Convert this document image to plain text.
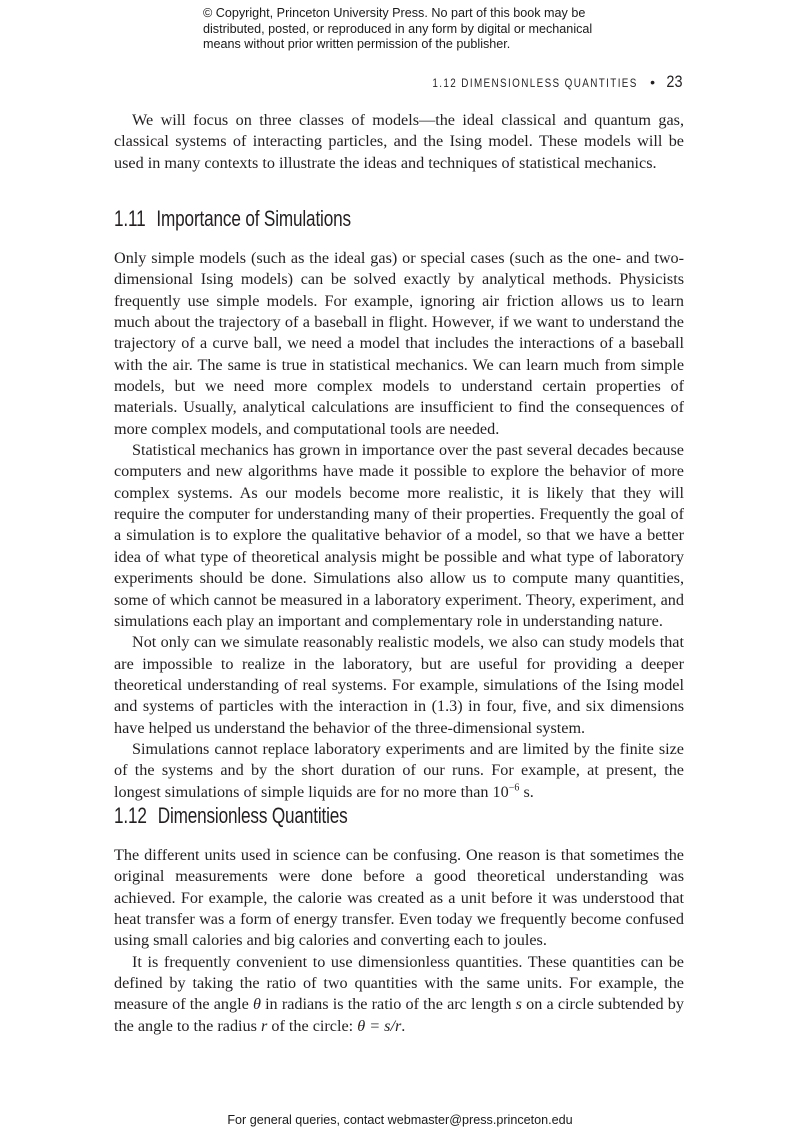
© Copyright, Princeton University Press. No part of this book may be
distributed, posted, or reproduced in any form by digital or mechanical
means without prior written permission of the publisher.
1.12 DIMENSIONLESS QUANTITIES • 23

We will focus on three classes of models—the ideal classical and quantum gas, classical systems of interacting particles, and the Ising model. These models will be used in many contexts to illustrate the ideas and techniques of statistical mechanics.

1.11 Importance of Simulations

Only simple models (such as the ideal gas) or special cases (such as the one- and two-dimensional Ising models) can be solved exactly by analytical methods. Physicists frequently use simple models. For example, ignoring air friction allows us to learn much about the trajectory of a baseball in flight. However, if we want to understand the trajectory of a curve ball, we need a model that includes the interactions of a baseball with the air. The same is true in statistical mechanics. We can learn much from simple models, but we need more complex models to understand certain properties of materials. Usually, analytical calculations are insufficient to find the consequences of more complex models, and computational tools are needed.

Statistical mechanics has grown in importance over the past several decades because computers and new algorithms have made it possible to explore the behavior of more complex systems. As our models become more realistic, it is likely that they will require the computer for understanding many of their properties. Frequently the goal of a simulation is to explore the qualitative behavior of a model, so that we have a better idea of what type of theoretical analysis might be possible and what type of laboratory experiments should be done. Simulations also allow us to compute many quantities, some of which cannot be measured in a laboratory experiment. Theory, experiment, and simulations each play an important and complementary role in understanding nature.

Not only can we simulate reasonably realistic models, we also can study models that are impossible to realize in the laboratory, but are useful for providing a deeper theoretical understanding of real systems. For example, simulations of the Ising model and systems of particles with the interaction in (1.3) in four, five, and six dimensions have helped us understand the behavior of the three-dimensional system.

Simulations cannot replace laboratory experiments and are limited by the finite size of the systems and by the short duration of our runs. For example, at present, the longest simulations of simple liquids are for no more than $10^{-6}$ s.

1.12 Dimensionless Quantities

The different units used in science can be confusing. One reason is that sometimes the original measurements were done before a good theoretical understanding was achieved. For example, the calorie was created as a unit before it was understood that heat transfer was a form of energy transfer. Even today we frequently become confused using small calories and big calories and converting each to joules.

It is frequently convenient to use dimensionless quantities. These quantities can be defined by taking the ratio of two quantities with the same units. For example, the measure of the angle θ in radians is the ratio of the arc length s on a circle subtended by the angle to the radius r of the circle: θ = s/r.

For general queries, contact webmaster@press.princeton.edu
